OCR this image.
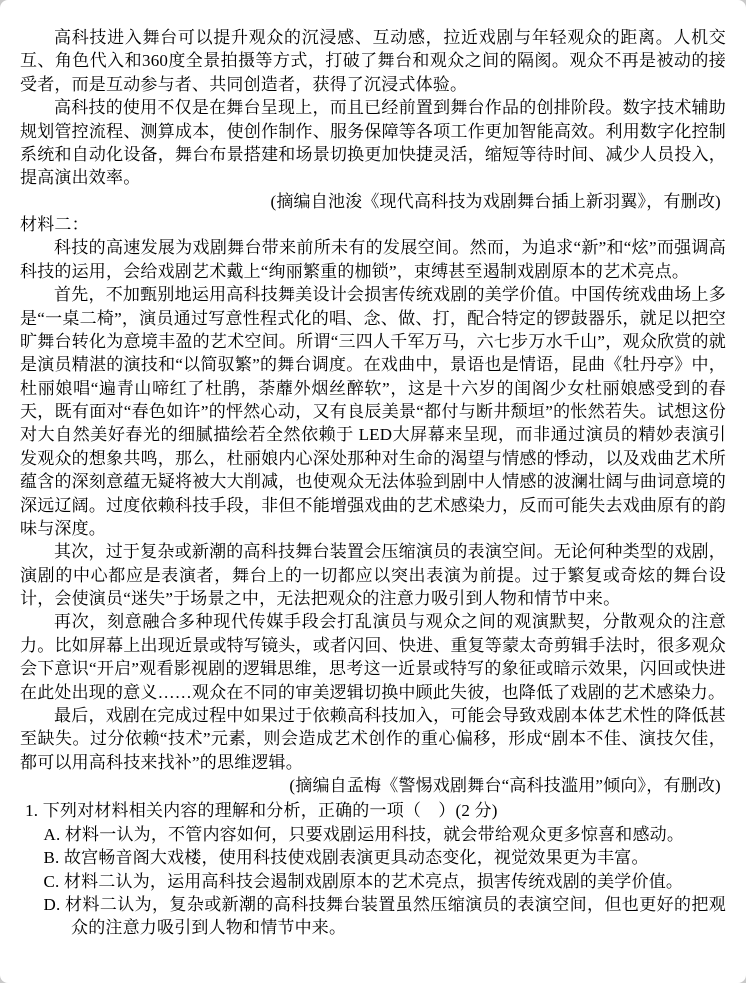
高科技进入舞台可以提升观众的沉浸感、互动感，拉近戏剧与年轻观众的距离。人机交互、角色代入和360度全景拍摄等方式，打破了舞台和观众之间的隔阂。观众不再是被动的接受者，而是互动参与者、共同创造者，获得了沉浸式体验。

高科技的使用不仅是在舞台呈现上，而且已经前置到舞台作品的创排阶段。数字技术辅助规划管控流程、测算成本，使创作制作、服务保障等各项工作更加智能高效。利用数字化控制系统和自动化设备，舞台布景搭建和场景切换更加快捷灵活，缩短等待时间、减少人员投入，提高演出效率。

(摘编自池浚《现代高科技为戏剧舞台插上新羽翼》，有删改)

材料二：

科技的高速发展为戏剧舞台带来前所未有的发展空间。然而，为追求“新”和“炫”而强调高科技的运用，会给戏剧艺术戴上“绚丽繁重的枷锁”，束缚甚至遏制戏剧原本的艺术亮点。

首先，不加甄别地运用高科技舞美设计会损害传统戏剧的美学价值。中国传统戏曲场上多是“一桌二椅”，演员通过写意性程式化的唱、念、做、打，配合特定的锣鼓器乐，就足以把空旷舞台转化为意境丰盈的艺术空间。所谓“三四人千军万马，六七步万水千山”，观众欣赏的就是演员精湛的演技和“以简驭繁”的舞台调度。在戏曲中，景语也是情语，昆曲《牡丹亭》中，杜丽娘唱“遍青山啼红了杜鹃，荼蘼外烟丝醉软”，这是十六岁的闺阁少女杜丽娘感受到的春天，既有面对“春色如许”的怦然心动，又有良辰美景“都付与断井颓垣”的怅然若失。试想这份对大自然美好春光的细腻描绘若全然依赖于 LED大屏幕来呈现，而非通过演员的精妙表演引发观众的想象共鸣，那么，杜丽娘内心深处那种对生命的渴望与情感的悸动，以及戏曲艺术所蕴含的深刻意蕴无疑将被大大削减，也使观众无法体验到剧中人情感的波澜壮阔与曲词意境的深远辽阔。过度依赖科技手段，非但不能增强戏曲的艺术感染力，反而可能失去戏曲原有的韵味与深度。

其次，过于复杂或新潮的高科技舞台装置会压缩演员的表演空间。无论何种类型的戏剧，演剧的中心都应是表演者，舞台上的一切都应以突出表演为前提。过于繁复或奇炫的舞台设计，会使演员“迷失”于场景之中，无法把观众的注意力吸引到人物和情节中来。

再次，刻意融合多种现代传媒手段会打乱演员与观众之间的观演默契，分散观众的注意力。比如屏幕上出现近景或特写镜头，或者闪回、快进、重复等蒙太奇剪辑手法时，很多观众会下意识“开启”观看影视剧的逻辑思维，思考这一近景或特写的象征或暗示效果，闪回或快进在此处出现的意义……观众在不同的审美逻辑切换中顾此失彼，也降低了戏剧的艺术感染力。

最后，戏剧在完成过程中如果过于依赖高科技加入，可能会导致戏剧本体艺术性的降低甚至缺失。过分依赖“技术”元素，则会造成艺术创作的重心偏移，形成“剧本不佳、演技欠佳，都可以用高科技来找补”的思维逻辑。

(摘编自孟梅《警惕戏剧舞台“高科技滥用”倾向》，有删改)

1. 下列对材料相关内容的理解和分析，正确的一项（　）(2 分)

A. 材料一认为，不管内容如何，只要戏剧运用科技，就会带给观众更多惊喜和感动。

B. 故宫畅音阁大戏楼，使用科技使戏剧表演更具动态变化，视觉效果更为丰富。

C. 材料二认为，运用高科技会遏制戏剧原本的艺术亮点，损害传统戏剧的美学价值。

D. 材料二认为，复杂或新潮的高科技舞台装置虽然压缩演员的表演空间，但也更好的把观众的注意力吸引到人物和情节中来。
